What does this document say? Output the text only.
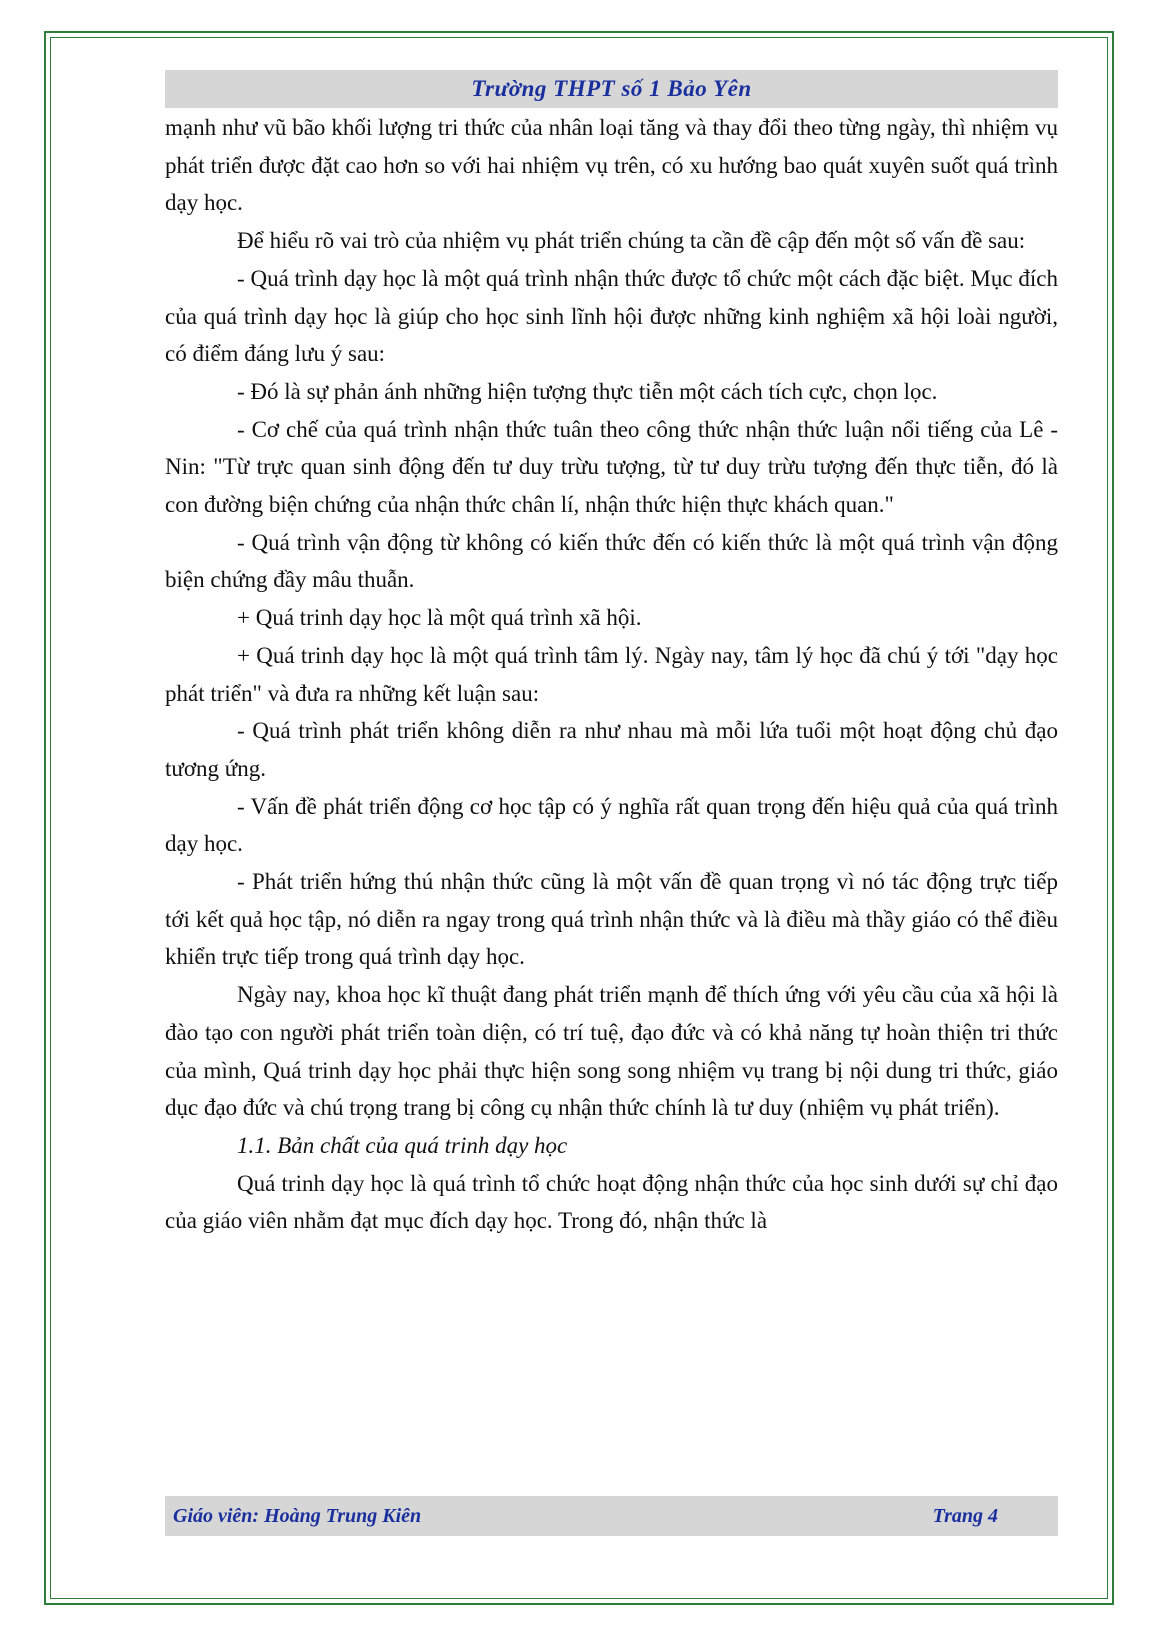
Trường THPT số 1 Bảo Yên

mạnh như vũ bão khối lượng tri thức của nhân loại tăng và thay đổi theo từng ngày, thì nhiệm vụ phát triển được đặt cao hơn so với hai nhiệm vụ trên, có xu hướng bao quát xuyên suốt quá trình dạy học.

Để hiểu rõ vai trò của nhiệm vụ phát triển chúng ta cần đề cập đến một số vấn đề sau:

- Quá trình dạy học là một quá trình nhận thức được tổ chức một cách đặc biệt. Mục đích của quá trình dạy học là giúp cho học sinh lĩnh hội được những kinh nghiệm xã hội loài người, có điểm đáng lưu ý sau:

- Đó là sự phản ánh những hiện tượng thực tiễn một cách tích cực, chọn lọc.

- Cơ chế của quá trình nhận thức tuân theo công thức nhận thức luận nổi tiếng của Lê - Nin: "Từ trực quan sinh động đến tư duy trừu tượng, từ tư duy trừu tượng đến thực tiễn, đó là con đường biện chứng của nhận thức chân lí, nhận thức hiện thực khách quan."

- Quá trình vận động từ không có kiến thức đến có kiến thức là một quá trình vận động biện chứng đầy mâu thuẫn.

+ Quá trinh dạy học là một quá trình xã hội.

+ Quá trinh dạy học là một quá trình tâm lý. Ngày nay, tâm lý học đã chú ý tới "dạy học phát triển" và đưa ra những kết luận sau:

- Quá trình phát triển không diễn ra như nhau mà mỗi lứa tuổi một hoạt động chủ đạo tương ứng.

- Vấn đề phát triển động cơ học tập có ý nghĩa rất quan trọng đến hiệu quả của quá trình dạy học.

- Phát triển hứng thú nhận thức cũng là một vấn đề quan trọng vì nó tác động trực tiếp tới kết quả học tập, nó diễn ra ngay trong quá trình nhận thức và là điều mà thầy giáo có thể điều khiển trực tiếp trong quá trình dạy học.

Ngày nay, khoa học kĩ thuật đang phát triển mạnh để thích ứng với yêu cầu của xã hội là đào tạo con người phát triển toàn diện, có trí tuệ, đạo đức và có khả năng tự hoàn thiện tri thức của mình, Quá trinh dạy học phải thực hiện song song nhiệm vụ trang bị nội dung tri thức, giáo dục đạo đức và chú trọng trang bị công cụ nhận thức chính là tư duy (nhiệm vụ phát triển).

1.1. Bản chất của quá trinh dạy học

Quá trinh dạy học là quá trình tổ chức hoạt động nhận thức của học sinh dưới sự chỉ đạo của giáo viên nhằm đạt mục đích dạy học. Trong đó, nhận thức là

Giáo viên: Hoàng Trung Kiên	Trang 4
